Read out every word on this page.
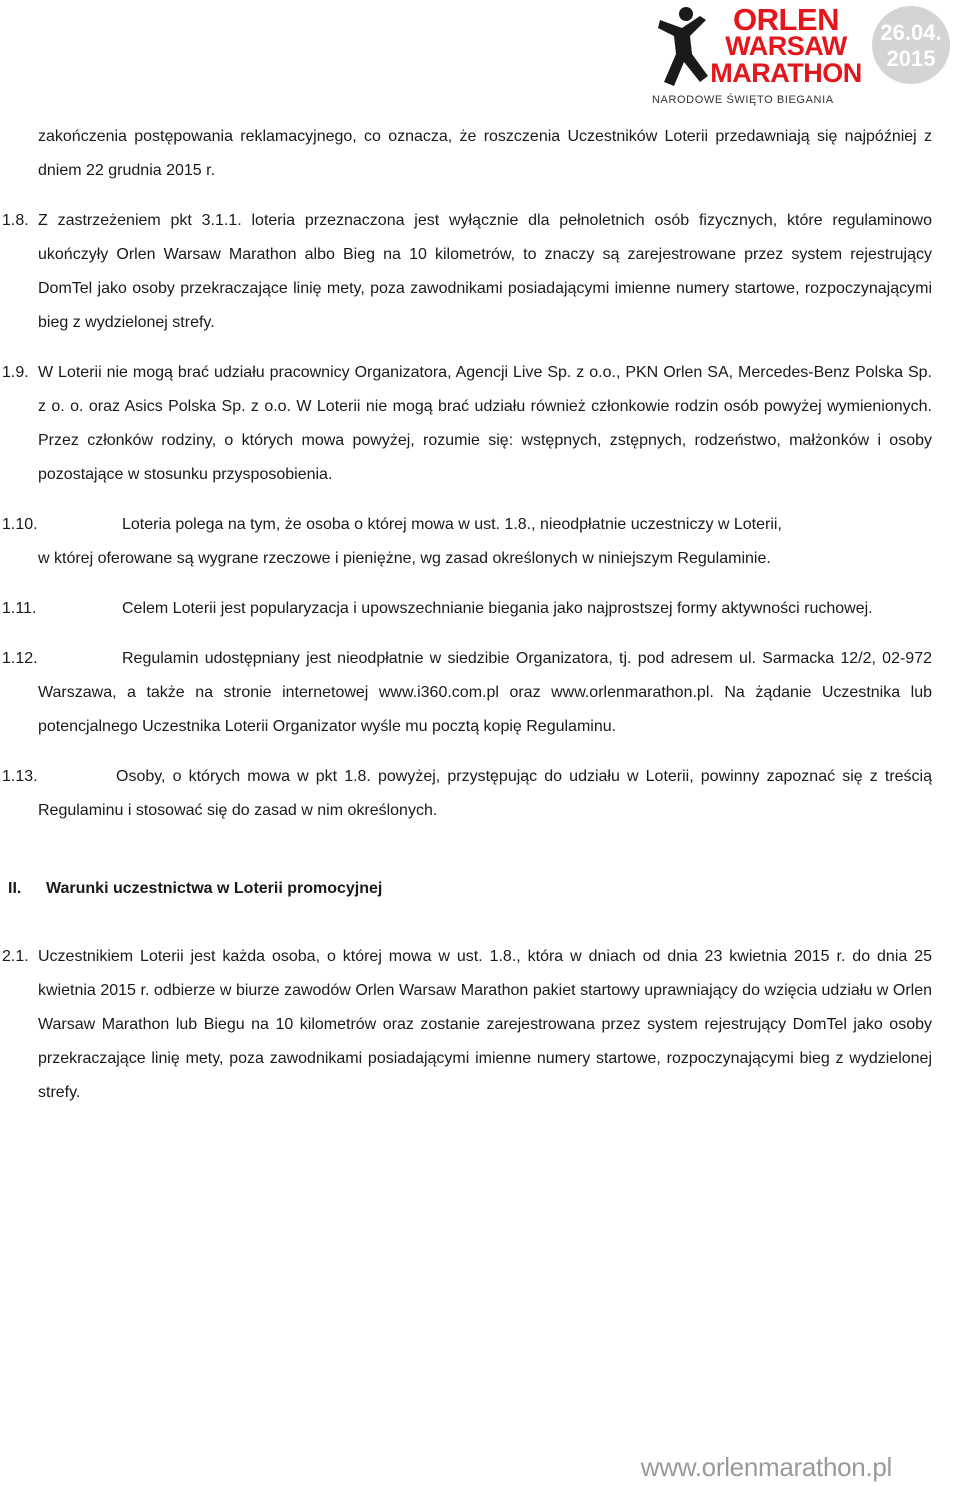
ORLEN
WARSAW
MARATHON
NARODOWE ŚWIĘTO BIEGANIA
26.04.
2015

zakończenia postępowania reklamacyjnego, co oznacza, że roszczenia Uczestników Loterii przedawniają się najpóźniej z dniem 22 grudnia 2015 r.

1.8. Z zastrzeżeniem pkt 3.1.1. loteria przeznaczona jest wyłącznie dla pełnoletnich osób fizycznych, które regulaminowo ukończyły Orlen Warsaw Marathon albo Bieg na 10 kilometrów, to znaczy są zarejestrowane przez system rejestrujący DomTel jako osoby przekraczające linię mety, poza zawodnikami posiadającymi imienne numery startowe, rozpoczynającymi bieg z wydzielonej strefy.

1.9. W Loterii nie mogą brać udziału pracownicy Organizatora, Agencji Live Sp. z o.o., PKN Orlen SA, Mercedes-Benz Polska Sp. z o. o. oraz Asics Polska Sp. z o.o. W Loterii nie mogą brać udziału również członkowie rodzin osób powyżej wymienionych. Przez członków rodziny, o których mowa powyżej, rozumie się: wstępnych, zstępnych, rodzeństwo, małżonków i osoby pozostające w stosunku przysposobienia.

1.10.	Loteria polega na tym, że osoba o której mowa w ust. 1.8., nieodpłatnie uczestniczy w Loterii,

w której oferowane są wygrane rzeczowe i pieniężne, wg zasad określonych w niniejszym Regulaminie.

1.11.	Celem Loterii jest popularyzacja i upowszechnianie biegania jako najprostszej formy aktywności ruchowej.

1.12.	Regulamin udostępniany jest nieodpłatnie w siedzibie Organizatora, tj. pod adresem ul. Sarmacka 12/2, 02-972 Warszawa, a także na stronie internetowej www.i360.com.pl oraz www.orlenmarathon.pl. Na żądanie Uczestnika lub potencjalnego Uczestnika Loterii Organizator wyśle mu pocztą kopię Regulaminu.

1.13.	Osoby, o których mowa w pkt 1.8. powyżej, przystępując do udziału w Loterii, powinny zapoznać się z treścią Regulaminu i stosować się do zasad w nim określonych.

II. Warunki uczestnictwa w Loterii promocyjnej

2.1. Uczestnikiem Loterii jest każda osoba, o której mowa w ust. 1.8., która w dniach od dnia 23 kwietnia 2015 r. do dnia 25 kwietnia 2015 r. odbierze w biurze zawodów Orlen Warsaw Marathon pakiet startowy uprawniający do wzięcia udziału w Orlen Warsaw Marathon lub Biegu na 10 kilometrów oraz zostanie zarejestrowana przez system rejestrujący DomTel jako osoby przekraczające linię mety, poza zawodnikami posiadającymi imienne numery startowe, rozpoczynającymi bieg z wydzielonej strefy.

www.orlenmarathon.pl
